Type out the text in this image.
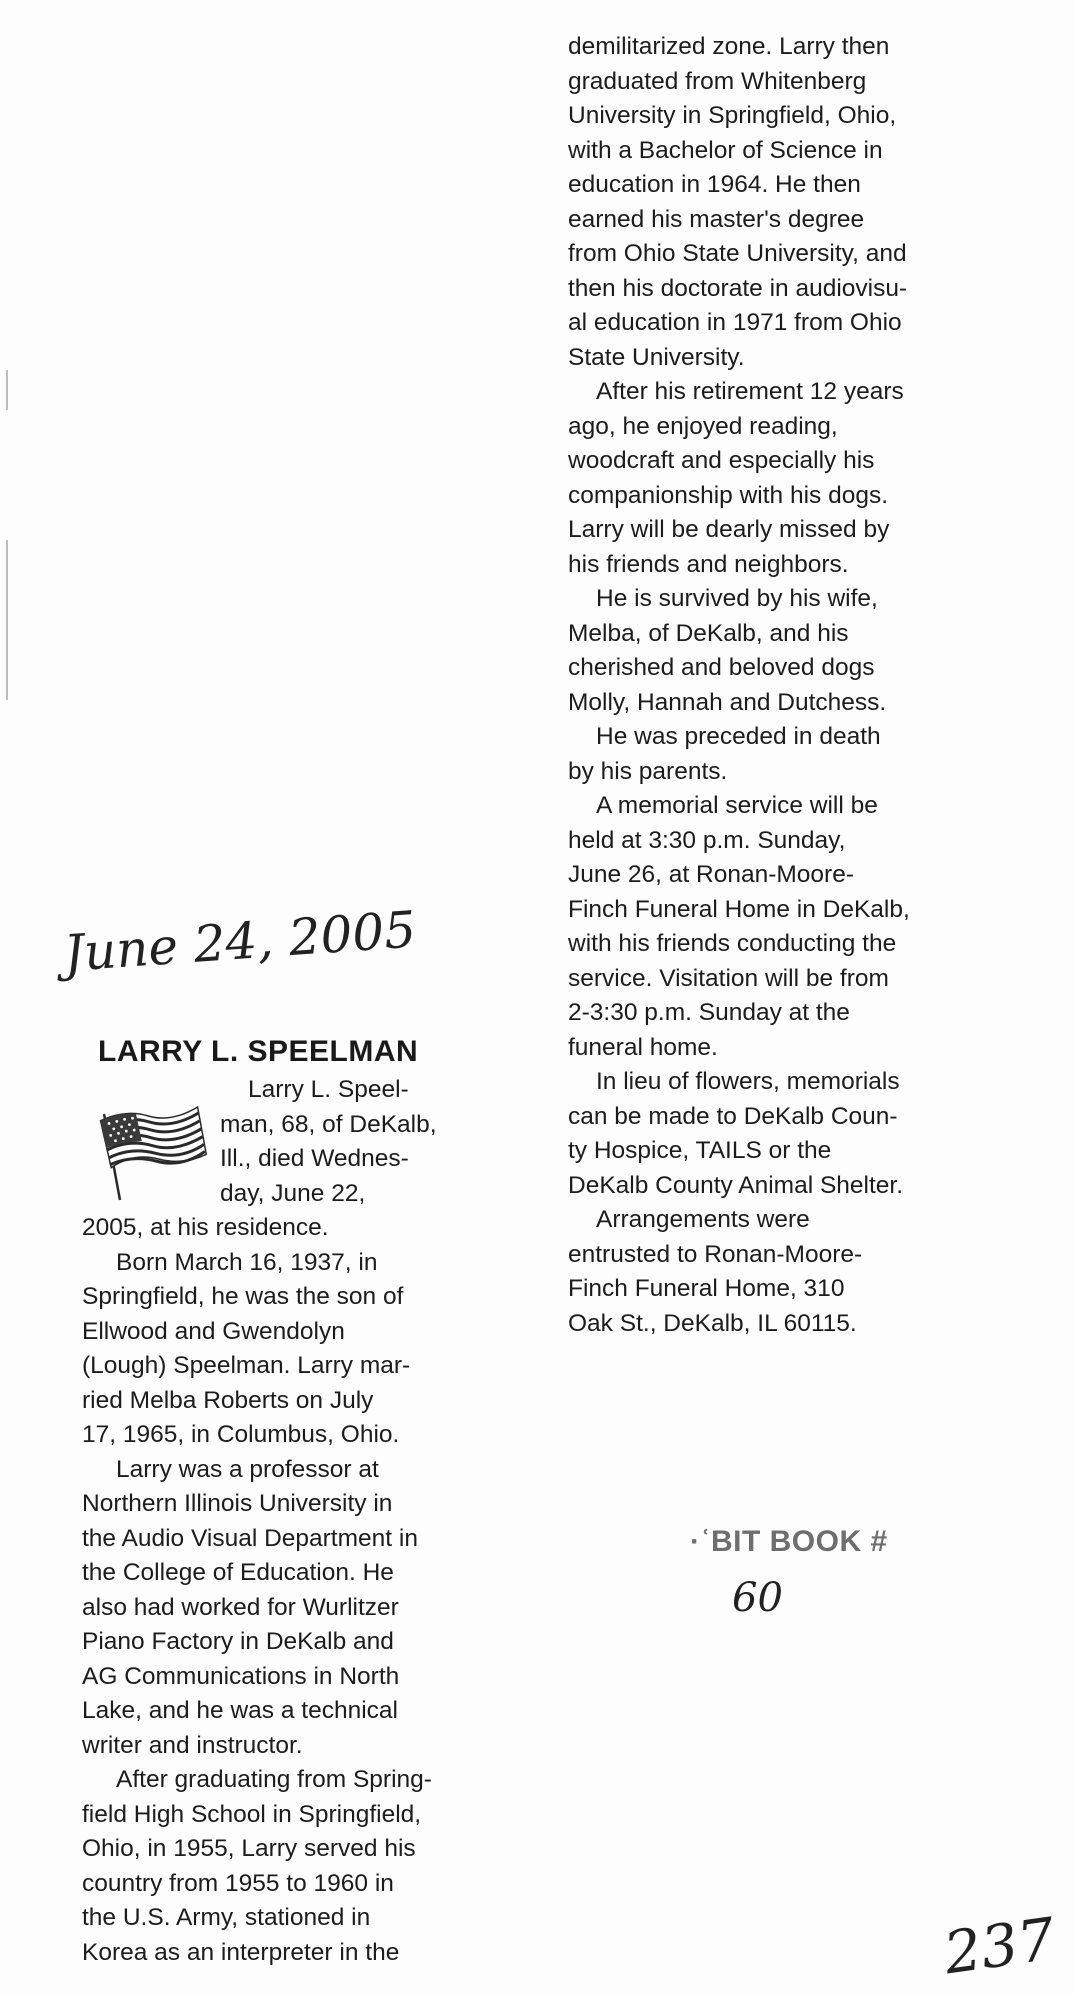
demilitarized zone. Larry then
graduated from Whitenberg
University in Springfield, Ohio,
with a Bachelor of Science in
education in 1964. He then
earned his master's degree
from Ohio State University, and
then his doctorate in audiovisu-
al education in 1971 from Ohio
State University.
After his retirement 12 years
ago, he enjoyed reading,
woodcraft and especially his
companionship with his dogs.
Larry will be dearly missed by
his friends and neighbors.
He is survived by his wife,
Melba, of DeKalb, and his
cherished and beloved dogs
Molly, Hannah and Dutchess.
He was preceded in death
by his parents.
A memorial service will be
held at 3:30 p.m. Sunday,
June 26, at Ronan-Moore-
Finch Funeral Home in DeKalb,
with his friends conducting the
service. Visitation will be from
2-3:30 p.m. Sunday at the
funeral home.
In lieu of flowers, memorials
can be made to DeKalb Coun-
ty Hospice, TAILS or the
DeKalb County Animal Shelter.
Arrangements were
entrusted to Ronan-Moore-
Finch Funeral Home, 310
Oak St., DeKalb, IL 60115.
June 24, 2005
LARRY L. SPEELMAN
Larry L. Speel-
man, 68, of DeKalb,
Ill., died Wednes-
day, June 22,
2005, at his residence.
Born March 16, 1937, in
Springfield, he was the son of
Ellwood and Gwendolyn
(Lough) Speelman. Larry mar-
ried Melba Roberts on July
17, 1965, in Columbus, Ohio.
Larry was a professor at
Northern Illinois University in
the Audio Visual Department in
the College of Education. He
also had worked for Wurlitzer
Piano Factory in DeKalb and
AG Communications in North
Lake, and he was a technical
writer and instructor.
After graduating from Spring-
field High School in Springfield,
Ohio, in 1955, Larry served his
country from 1955 to 1960 in
the U.S. Army, stationed in
Korea as an interpreter in the
·ʿBIT BOOK #
60
237
